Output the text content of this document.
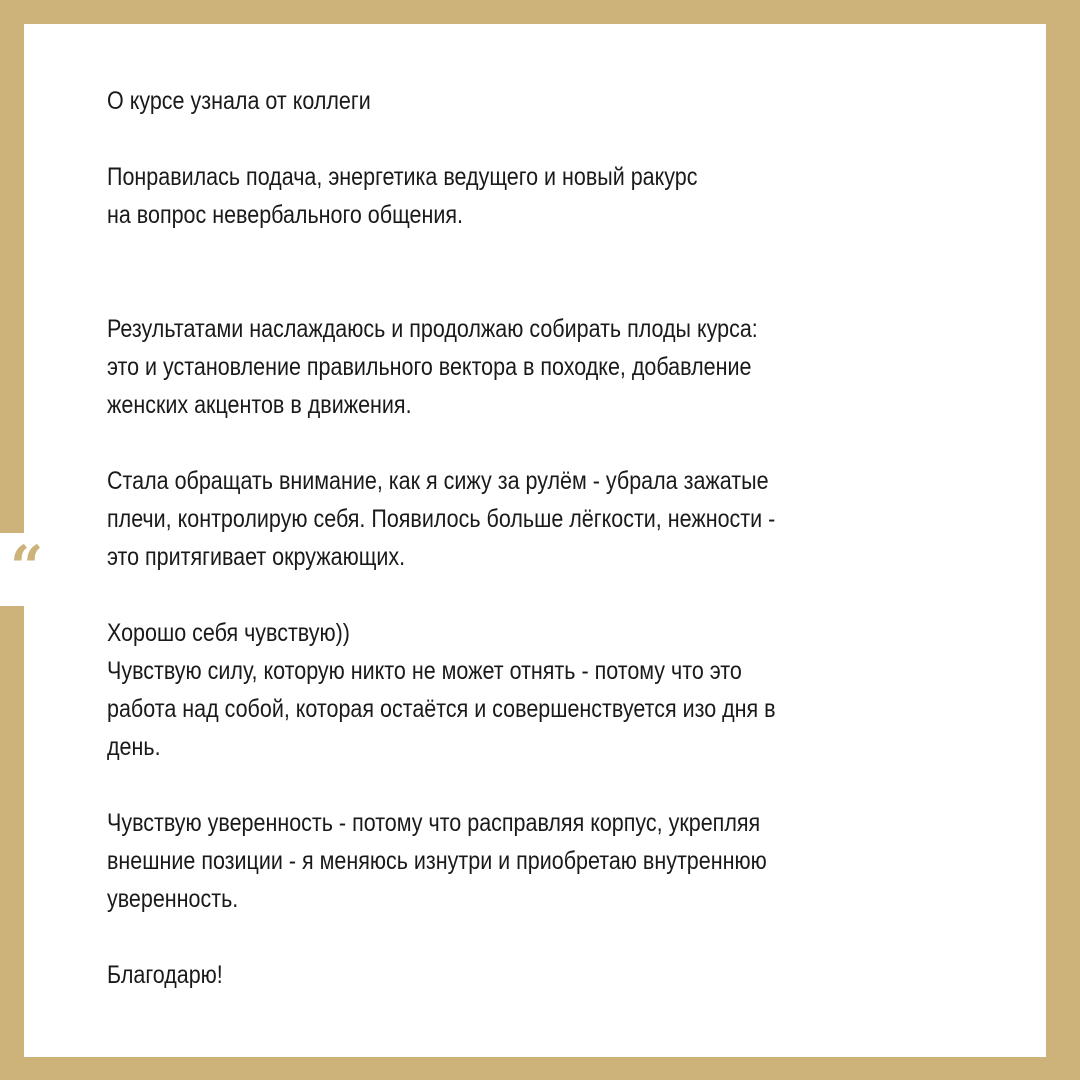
“

О курсе узнала от коллеги

Понравилась подача, энергетика ведущего и новый ракурс

на вопрос невербального общения.

Результатами наслаждаюсь и продолжаю собирать плоды курса:

это и установление правильного вектора в походке, добавление

женских акцентов в движения.

Стала обращать внимание, как я сижу за рулём - убрала зажатые

плечи, контролирую себя. Появилось больше лёгкости, нежности -

это притягивает окружающих.

Хорошо себя чувствую))

Чувствую силу, которую никто не может отнять - потому что это

работа над собой, которая остаётся и совершенствуется изо дня в

день.

Чувствую уверенность - потому что расправляя корпус, укрепляя

внешние позиции - я меняюсь изнутри и приобретаю внутреннюю

уверенность.

Благодарю!
